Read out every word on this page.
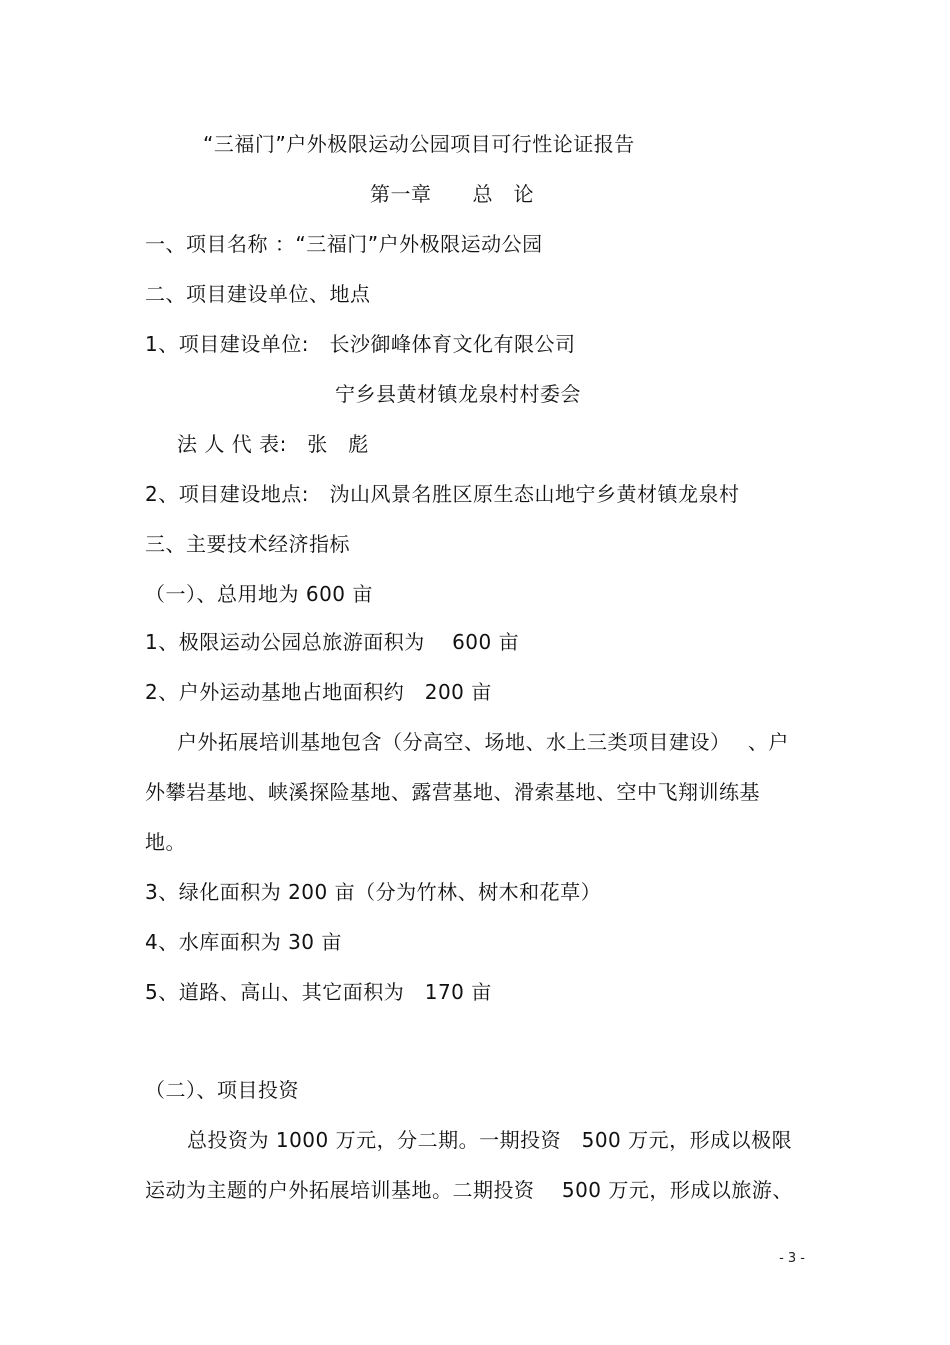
“三福门”户外极限运动公园项目可行性论证报告
第一章　　总　论
一、项目名称 ：“三福门”户外极限运动公园
二、项目建设单位、地点
1、项目建设单位:　长沙御峰体育文化有限公司
宁乡县黄材镇龙泉村村委会
法 人 代 表:　张　彪
2、项目建设地点:　沩山风景名胜区原生态山地宁乡黄材镇龙泉村
三、主要技术经济指标
（一）、总用地为 600 亩
1、极限运动公园总旅游面积为　 600 亩
2、户外运动基地占地面积约　200 亩
户外拓展培训基地包含（分高空、场地、水上三类项目建设）　 、户
外攀岩基地、峡溪探险基地、露营基地、滑索基地、空中飞翔训练基
地。
3、绿化面积为 200 亩（分为竹林、树木和花草）
4、水库面积为 30 亩
5、道路、高山、其它面积为　170 亩
（二）、项目投资
总投资为 1000 万元，分二期。一期投资　500 万元，形成以极限
运动为主题的户外拓展培训基地。二期投资　 500 万元，形成以旅游、
- 3 -
